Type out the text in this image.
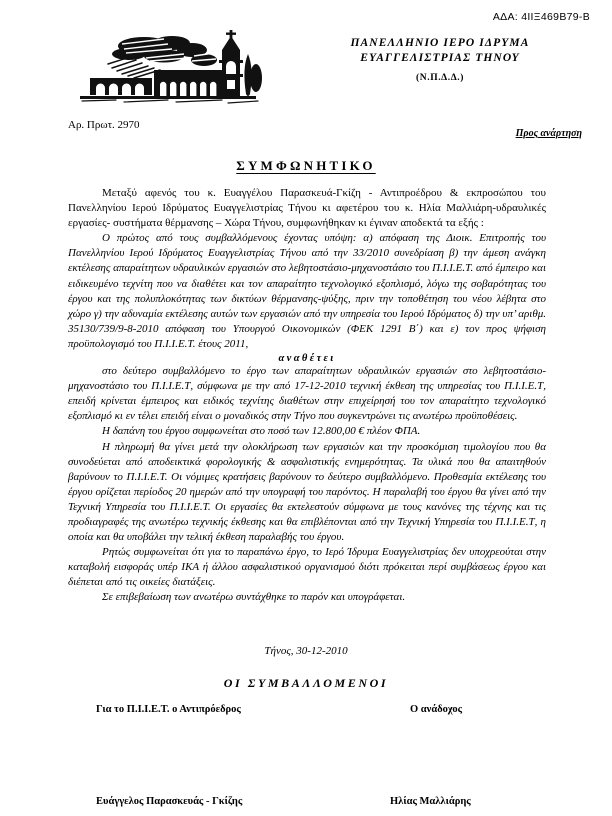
ΑΔΑ: 4ΙΙΞ469Β79-Β
ΠΑΝΕΛΛΗΝΙΟ ΙΕΡΟ ΙΔΡΥΜΑ
ΕΥΑΓΓΕΛΙΣΤΡΙΑΣ ΤΗΝΟΥ
(Ν.Π.Δ.Δ.)
Αρ. Πρωτ. 2970
Προς ανάρτηση
ΣΥΜΦΩΝΗΤΙΚΟ

Μεταξύ αφενός του κ. Ευαγγέλου Παρασκευά-Γκίζη - Αντιπροέδρου & εκπροσώπου του Πανελληνίου Ιερού Ιδρύματος Ευαγγελιστρίας Τήνου κι αφετέρου του κ. Ηλία Μαλλιάρη-υδραυλικές εργασίες- συστήματα θέρμανσης – Χώρα Τήνου, συμφωνήθηκαν κι έγιναν αποδεκτά τα εξής :

Ο πρώτος από τους συμβαλλόμενους έχοντας υπόψη: α) απόφαση της Διοικ. Επιτροπής του Πανελληνίου Ιερού Ιδρύματος Ευαγγελιστρίας Τήνου από την 33/2010 συνεδρίαση β) την άμεση ανάγκη εκτέλεσης απαραίτητων υδραυλικών εργασιών στο λεβητοστάσιο-μηχανοστάσιο του Π.Ι.Ι.Ε.Τ. από έμπειρο και ειδικευμένο τεχνίτη που να διαθέτει και τον απαραίτητο τεχνολογικό εξοπλισμό, λόγω της σοβαρότητας του έργου και της πολυπλοκότητας των δικτύων θέρμανσης-ψύξης, πριν την τοποθέτηση του νέου λέβητα στο χώρο γ) την αδυναμία εκτέλεσης αυτών των εργασιών από την υπηρεσία του Ιερού Ιδρύματος δ) την υπ’ αριθμ. 35130/739/9-8-2010 απόφαση του Υπουργού Οικονομικών (ΦΕΚ 1291 Β΄) και ε) τον προς ψήφιση προϋπολογισμό του Π.Ι.Ι.Ε.Τ. έτους 2011,

αναθέτει

στο δεύτερο συμβαλλόμενο το έργο των απαραίτητων υδραυλικών εργασιών στο λεβητοστάσιο-μηχανοστάσιο του Π.Ι.Ι.Ε.Τ, σύμφωνα με την από 17-12-2010 τεχνική έκθεση της υπηρεσίας του Π.Ι.Ι.Ε.Τ, επειδή κρίνεται έμπειρος και ειδικός τεχνίτης διαθέτων στην επιχείρησή του τον απαραίτητο τεχνολογικό εξοπλισμό κι εν τέλει επειδή είναι ο μοναδικός στην Τήνο που συγκεντρώνει τις ανωτέρω προϋποθέσεις.

Η δαπάνη του έργου συμφωνείται στο ποσό των 12.800,00 € πλέον ΦΠΑ.

Η πληρωμή θα γίνει μετά την ολοκλήρωση των εργασιών και την προσκόμιση τιμολογίου που θα συνοδεύεται από αποδεικτικά φορολογικής & ασφαλιστικής ενημερότητας. Τα υλικά που θα απαιτηθούν βαρύνουν το Π.Ι.Ι.Ε.Τ. Οι νόμιμες κρατήσεις βαρύνουν το δεύτερο συμβαλλόμενο. Προθεσμία εκτέλεσης του έργου ορίζεται περίοδος 20 ημερών από την υπογραφή του παρόντος. Η παραλαβή του έργου θα γίνει από την Τεχνική Υπηρεσία του Π.Ι.Ι.Ε.Τ. Οι εργασίες θα εκτελεστούν σύμφωνα με τους κανόνες της τέχνης και τις προδιαγραφές της ανωτέρω τεχνικής έκθεσης και θα επιβλέπονται από την Τεχνική Υπηρεσία του Π.Ι.Ι.Ε.Τ, η οποία και θα υποβάλει την τελική έκθεση παραλαβής του έργου.

Ρητώς συμφωνείται ότι για το παραπάνω έργο, το Ιερό Ίδρυμα Ευαγγελιστρίας δεν υποχρεούται στην καταβολή εισφοράς υπέρ ΙΚΑ ή άλλου ασφαλιστικού οργανισμού διότι πρόκειται περί συμβάσεως έργου και διέπεται από τις οικείες διατάξεις.

Σε επιβεβαίωση των ανωτέρω συντάχθηκε το παρόν και υπογράφεται.

Τήνος, 30-12-2010
ΟΙ ΣΥΜΒΑΛΛΟΜΕΝΟΙ
Για το Π.Ι.Ι.Ε.Τ. ο Αντιπρόεδρος	Ο ανάδοχος
Ευάγγελος Παρασκευάς - Γκίζης	Ηλίας Μαλλιάρης
